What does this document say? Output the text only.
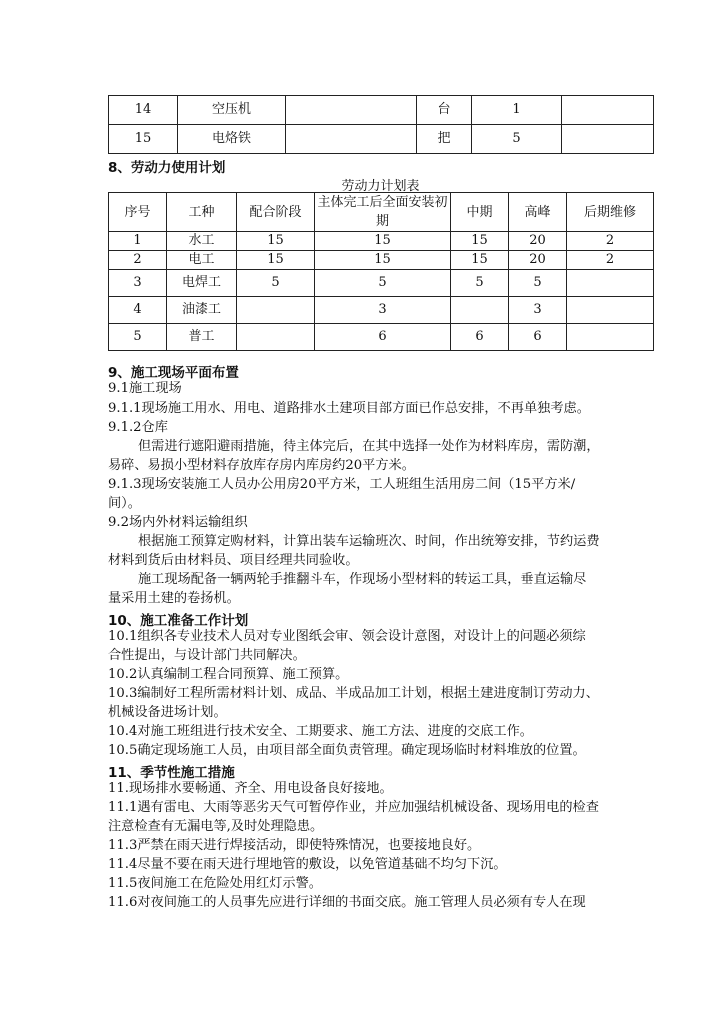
14	空压机		台	1	
15	电烙铁		把	5	
8、劳动力使用计划
劳动力计划表
序号	工种	配合阶段	主体完工后全面安装初期	中期	高峰	后期维修
1	水工	15	15	15	20	2
2	电工	15	15	15	20	2
3	电焊工	5	5	5	5	
4	油漆工		3		3	
5	普工		6	6	6	
9、施工现场平面布置
9.1施工现场
9.1.1现场施工用水、用电、道路排水土建项目部方面已作总安排，不再单独考虑。
9.1.2仓库
但需进行遮阳避雨措施，待主体完后，在其中选择一处作为材料库房，需防潮，
易碎、易损小型材料存放库存房内库房约20平方米。
9.1.3现场安装施工人员办公用房20平方米，工人班组生活用房二间（15平方米/
间）。
9.2场内外材料运输组织
根据施工预算定购材料，计算出装车运输班次、时间，作出统筹安排，节约运费
材料到货后由材料员、项目经理共同验收。
施工现场配备一辆两轮手推翻斗车，作现场小型材料的转运工具，垂直运输尽
量采用土建的卷扬机。
10、施工准备工作计划
10.1组织各专业技术人员对专业图纸会审、领会设计意图，对设计上的问题必须综
合性提出，与设计部门共同解决。
10.2认真编制工程合同预算、施工预算。
10.3编制好工程所需材料计划、成品、半成品加工计划，根据土建进度制订劳动力、
机械设备进场计划。
10.4对施工班组进行技术安全、工期要求、施工方法、进度的交底工作。
10.5确定现场施工人员，由项目部全面负责管理。确定现场临时材料堆放的位置。
11、季节性施工措施
11.现场排水要畅通、齐全、用电设备良好接地。
11.1遇有雷电、大雨等恶劣天气可暂停作业，并应加强结机械设备、现场用电的检查
注意检查有无漏电等,及时处理隐患。
11.3严禁在雨天进行焊接活动，即使特殊情况，也要接地良好。
11.4尽量不要在雨天进行埋地管的敷设，以免管道基础不均匀下沉。
11.5夜间施工在危险处用红灯示警。
11.6对夜间施工的人员事先应进行详细的书面交底。施工管理人员必须有专人在现
